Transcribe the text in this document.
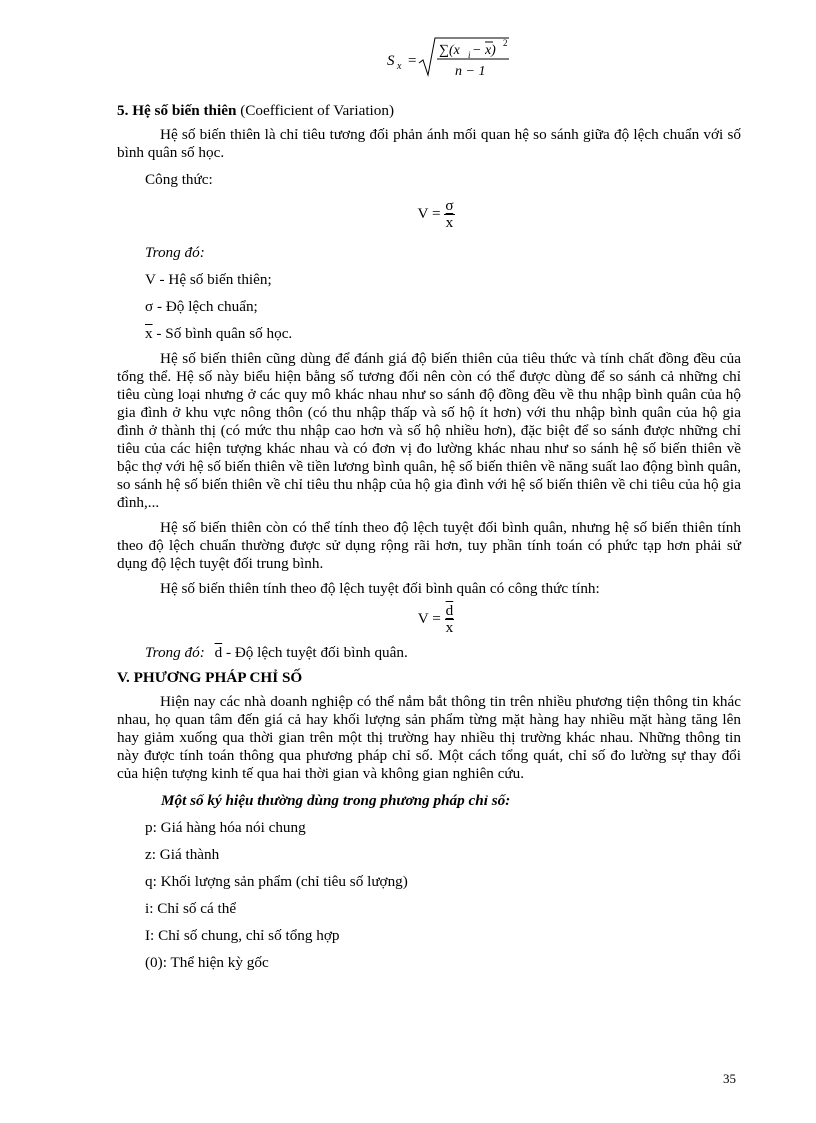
S x =
∑(x i − x) 2
n − 1

5. Hệ số biến thiên (Coefficient of Variation)

Hệ số biến thiên là chỉ tiêu tương đối phản ánh mối quan hệ so sánh giữa độ lệch chuẩn với số bình quân số học.

Công thức:

$V = \frac{\sigma}{x}$

Trong đó:

V - Hệ số biến thiên;

σ - Độ lệch chuẩn;

$\overline{x}$ - Số bình quân số học.

Hệ số biến thiên cũng dùng để đánh giá độ biến thiên của tiêu thức và tính chất đồng đều của tổng thể. Hệ số này biểu hiện bằng số tương đối nên còn có thể được dùng để so sánh cả những chỉ tiêu cùng loại nhưng ở các quy mô khác nhau như so sánh độ đồng đều về thu nhập bình quân của hộ gia đình ở khu vực nông thôn (có thu nhập thấp và số hộ ít hơn) với thu nhập bình quân của hộ gia đình ở thành thị (có mức thu nhập cao hơn và số hộ nhiều hơn), đặc biệt để so sánh được những chỉ tiêu của các hiện tượng khác nhau và có đơn vị đo lường khác nhau như so sánh hệ số biến thiên về bậc thợ với hệ số biến thiên về tiền lương bình quân, hệ số biến thiên về năng suất lao động bình quân, so sánh hệ số biến thiên về chỉ tiêu thu nhập của hộ gia đình với hệ số biến thiên về chi tiêu của hộ gia đình,...

Hệ số biến thiên còn có thể tính theo độ lệch tuyệt đối bình quân, nhưng hệ số biến thiên tính theo độ lệch chuẩn thường được sử dụng rộng rãi hơn, tuy phần tính toán có phức tạp hơn phải sử dụng độ lệch tuyệt đối trung bình.

Hệ số biến thiên tính theo độ lệch tuyệt đối bình quân có công thức tính:

$V = \frac{\overline{d}}{x}$

Trong đó: $\overline{d}$ - Độ lệch tuyệt đối bình quân.

V. PHƯƠNG PHÁP CHỈ SỐ

Hiện nay các nhà doanh nghiệp có thể nắm bắt thông tin trên nhiều phương tiện thông tin khác nhau, họ quan tâm đến giá cả hay khối lượng sản phẩm từng mặt hàng hay nhiều mặt hàng tăng lên hay giảm xuống qua thời gian trên một thị trường hay nhiều thị trường khác nhau. Những thông tin này được tính toán thông qua phương pháp chỉ số. Một cách tổng quát, chỉ số đo lường sự thay đổi của hiện tượng kinh tế qua hai thời gian và không gian nghiên cứu.

Một số ký hiệu thường dùng trong phương pháp chỉ số:

p: Giá hàng hóa nói chung

z: Giá thành

q: Khối lượng sản phẩm (chỉ tiêu số lượng)

i: Chỉ số cá thể

I: Chỉ số chung, chỉ số tổng hợp

(0): Thể hiện kỳ gốc

35
